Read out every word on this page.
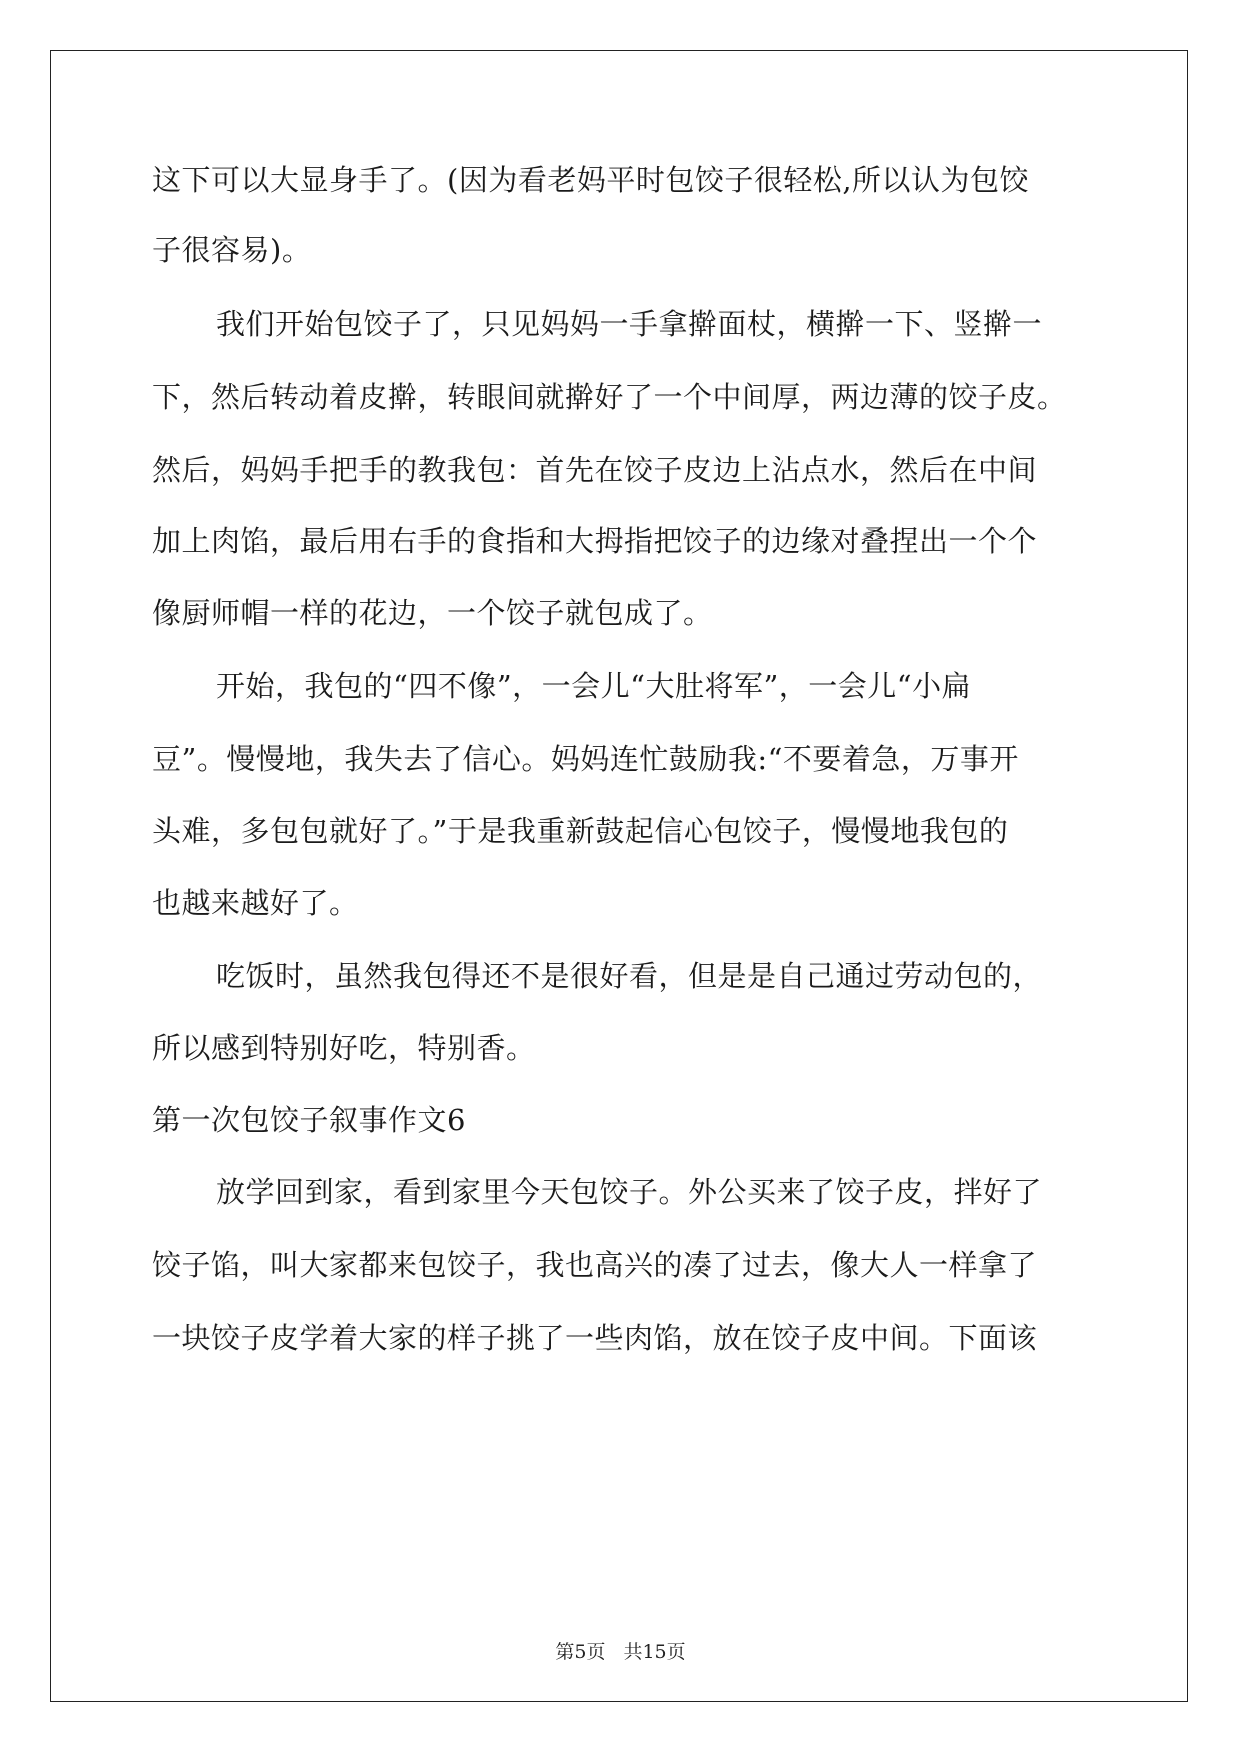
这下可以大显身手了。(因为看老妈平时包饺子很轻松,所以认为包饺
子很容易)。
我们开始包饺子了，只见妈妈一手拿擀面杖，横擀一下、竖擀一
下，然后转动着皮擀，转眼间就擀好了一个中间厚，两边薄的饺子皮。
然后，妈妈手把手的教我包：首先在饺子皮边上沾点水，然后在中间
加上肉馅，最后用右手的食指和大拇指把饺子的边缘对叠捏出一个个
像厨师帽一样的花边，一个饺子就包成了。
开始，我包的“四不像”，一会儿“大肚将军”，一会儿“小扁
豆”。慢慢地，我失去了信心。妈妈连忙鼓励我:“不要着急，万事开
头难，多包包就好了。”于是我重新鼓起信心包饺子，慢慢地我包的
也越来越好了。
吃饭时，虽然我包得还不是很好看，但是是自己通过劳动包的，
所以感到特别好吃，特别香。
第一次包饺子叙事作文6
放学回到家，看到家里今天包饺子。外公买来了饺子皮，拌好了
饺子馅，叫大家都来包饺子，我也高兴的凑了过去，像大人一样拿了
一块饺子皮学着大家的样子挑了一些肉馅，放在饺子皮中间。下面该
第5页 共15页
